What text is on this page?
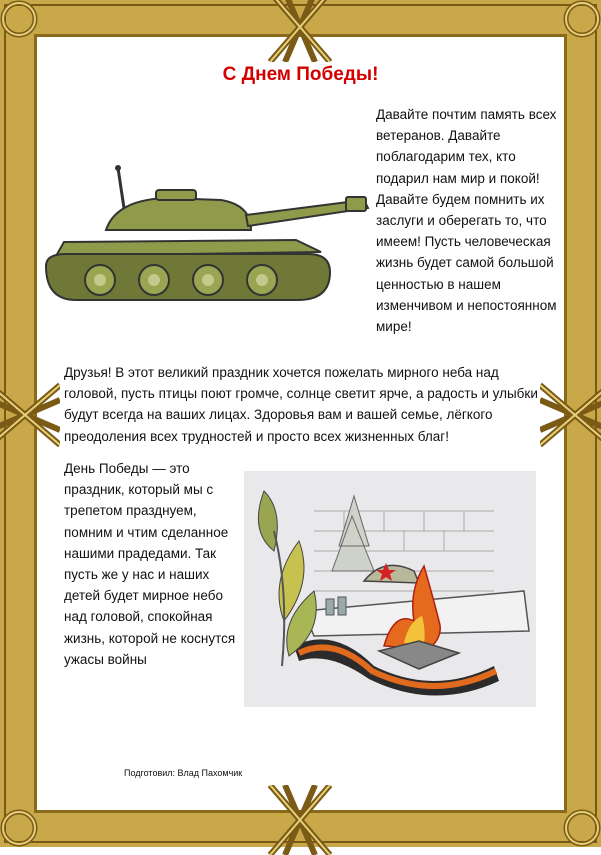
С Днем Победы!
Давайте почтим память всех ветеранов. Давайте поблагодарим тех, кто подарил нам мир и покой! Давайте будем помнить их заслуги и оберегать то, что имеем! Пусть человеческая жизнь будет самой большой ценностью в нашем изменчивом и непостоянном мире!
Друзья! В этот великий праздник хочется пожелать мирного неба над головой, пусть птицы поют громче, солнце светит ярче, а радость и улыбки будут всегда на ваших лицах. Здоровья вам и вашей семье, лёгкого преодоления всех трудностей и просто всех жизненных благ!
День Победы — это праздник, который мы с трепетом празднуем, помним и чтим сделанное нашими прадедами. Так пусть же у нас и наших детей будет мирное небо над головой, спокойная жизнь, которой не коснутся ужасы войны
Подготовил: Влад Пахомчик
